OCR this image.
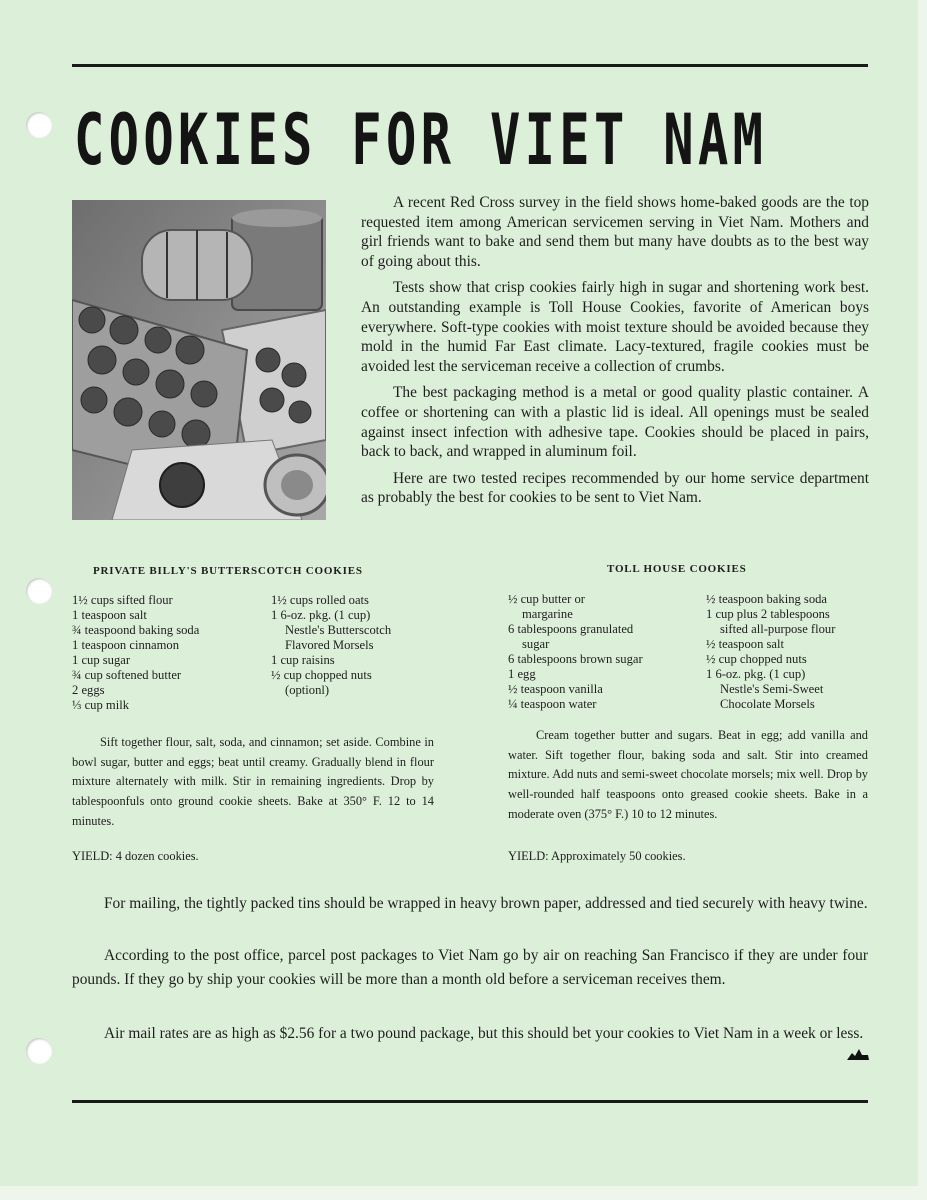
COOKIES FOR VIET NAM

A recent Red Cross survey in the field shows home-baked goods are the top requested item among American servicemen serving in Viet Nam. Mothers and girl friends want to bake and send them but many have doubts as to the best way of going about this.

Tests show that crisp cookies fairly high in sugar and shortening work best. An outstanding example is Toll House Cookies, favorite of American boys everywhere. Soft-type cookies with moist texture should be avoided because they mold in the humid Far East climate. Lacy-textured, fragile cookies must be avoided lest the serviceman receive a collection of crumbs.

The best packaging method is a metal or good quality plastic container. A coffee or shortening can with a plastic lid is ideal. All openings must be sealed against insect infection with adhesive tape. Cookies should be placed in pairs, back to back, and wrapped in aluminum foil.

Here are two tested recipes recommended by our home service department as probably the best for cookies to be sent to Viet Nam.

PRIVATE BILLY'S BUTTERSCOTCH COOKIES
1½ cups sifted flour
1 teaspoon salt
¾ teaspoond baking soda
1 teaspoon cinnamon
1 cup sugar
¾ cup softened butter
2 eggs
⅓ cup milk
1½ cups rolled oats
1 6-oz. pkg. (1 cup)
Nestle's Butterscotch
Flavored Morsels
1 cup raisins
½ cup chopped nuts
(optionl)

Sift together flour, salt, soda, and cinnamon; set aside. Combine in bowl sugar, butter and eggs; beat until creamy. Gradually blend in flour mixture alternately with milk. Stir in remaining ingredients. Drop by tablespoonfuls onto ground cookie sheets. Bake at 350° F. 12 to 14 minutes.

YIELD: 4 dozen cookies.
TOLL HOUSE COOKIES
½ cup butter or
margarine
6 tablespoons granulated
sugar
6 tablespoons brown sugar
1 egg
½ teaspoon vanilla
¼ teaspoon water
½ teaspoon baking soda
1 cup plus 2 tablespoons
sifted all-purpose flour
½ teaspoon salt
½ cup chopped nuts
1 6-oz. pkg. (1 cup)
Nestle's Semi-Sweet
Chocolate Morsels

Cream together butter and sugars. Beat in egg; add vanilla and water. Sift together flour, baking soda and salt. Stir into creamed mixture. Add nuts and semi-sweet chocolate morsels; mix well. Drop by well-rounded half teaspoons onto greased cookie sheets. Bake in a moderate oven (375° F.) 10 to 12 minutes.

YIELD: Approximately 50 cookies.

For mailing, the tightly packed tins should be wrapped in heavy brown paper, addressed and tied securely with heavy twine.

According to the post office, parcel post packages to Viet Nam go by air on reaching San Francisco if they are under four pounds. If they go by ship your cookies will be more than a month old before a serviceman receives them.

Air mail rates are as high as $2.56 for a two pound package, but this should bet your cookies to Viet Nam in a week or less.
